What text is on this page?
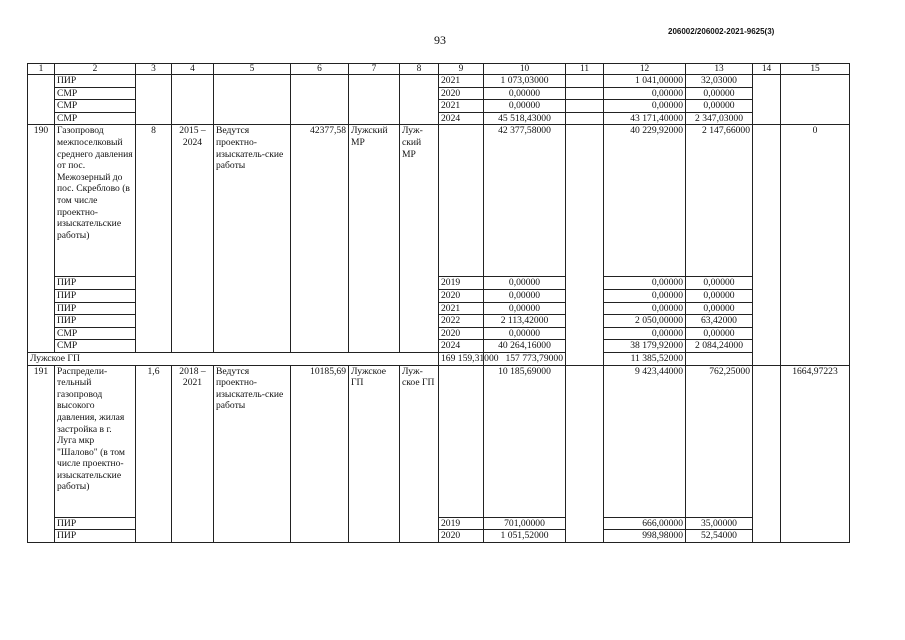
93
206002/206002-2021-9625(3)
1	2	3	4	5	6	7	8	9	10	11	12	13	14	15
	ПИР							2021	1 073,03000		1 041,00000	32,03000		
	СМР							2020	0,00000		0,00000	0,00000		
	СМР							2021	0,00000		0,00000	0,00000		
	СМР							2024	45 518,43000		43 171,40000	2 347,03000		
190	Газопровод межпоселковый среднего давления от пос. Межозерный до пос. Скреблово (в том числе проектно-изыскательские работы)	8	2015 – 2024	Ведутся проектно-изыскатель-ские работы	42377,58	Лужский МР	Луж-ский МР		42 377,58000		40 229,92000	2 147,66000		0
	ПИР							2019	0,00000		0,00000	0,00000		
	ПИР							2020	0,00000		0,00000	0,00000		
	ПИР							2021	0,00000		0,00000	0,00000		
	ПИР							2022	2 113,42000		2 050,00000	63,42000		
	СМР							2020	0,00000		0,00000	0,00000		
	СМР							2024	40 264,16000		38 179,92000	2 084,24000		
Лужское ГП								169 159,31000	157 773,79000		11 385,52000			
191	Распредели-тельный газопровод высокого давления, жилая застройка в г. Луга мкр "Шалово" (в том числе проектно-изыскательские работы)	1,6	2018 – 2021	Ведутся проектно-изыскатель-ские работы	10185,69	Лужское ГП	Луж-ское ГП		10 185,69000		9 423,44000	762,25000		1664,97223
	ПИР							2019	701,00000		666,00000	35,00000		
	ПИР							2020	1 051,52000		998,98000	52,54000		
